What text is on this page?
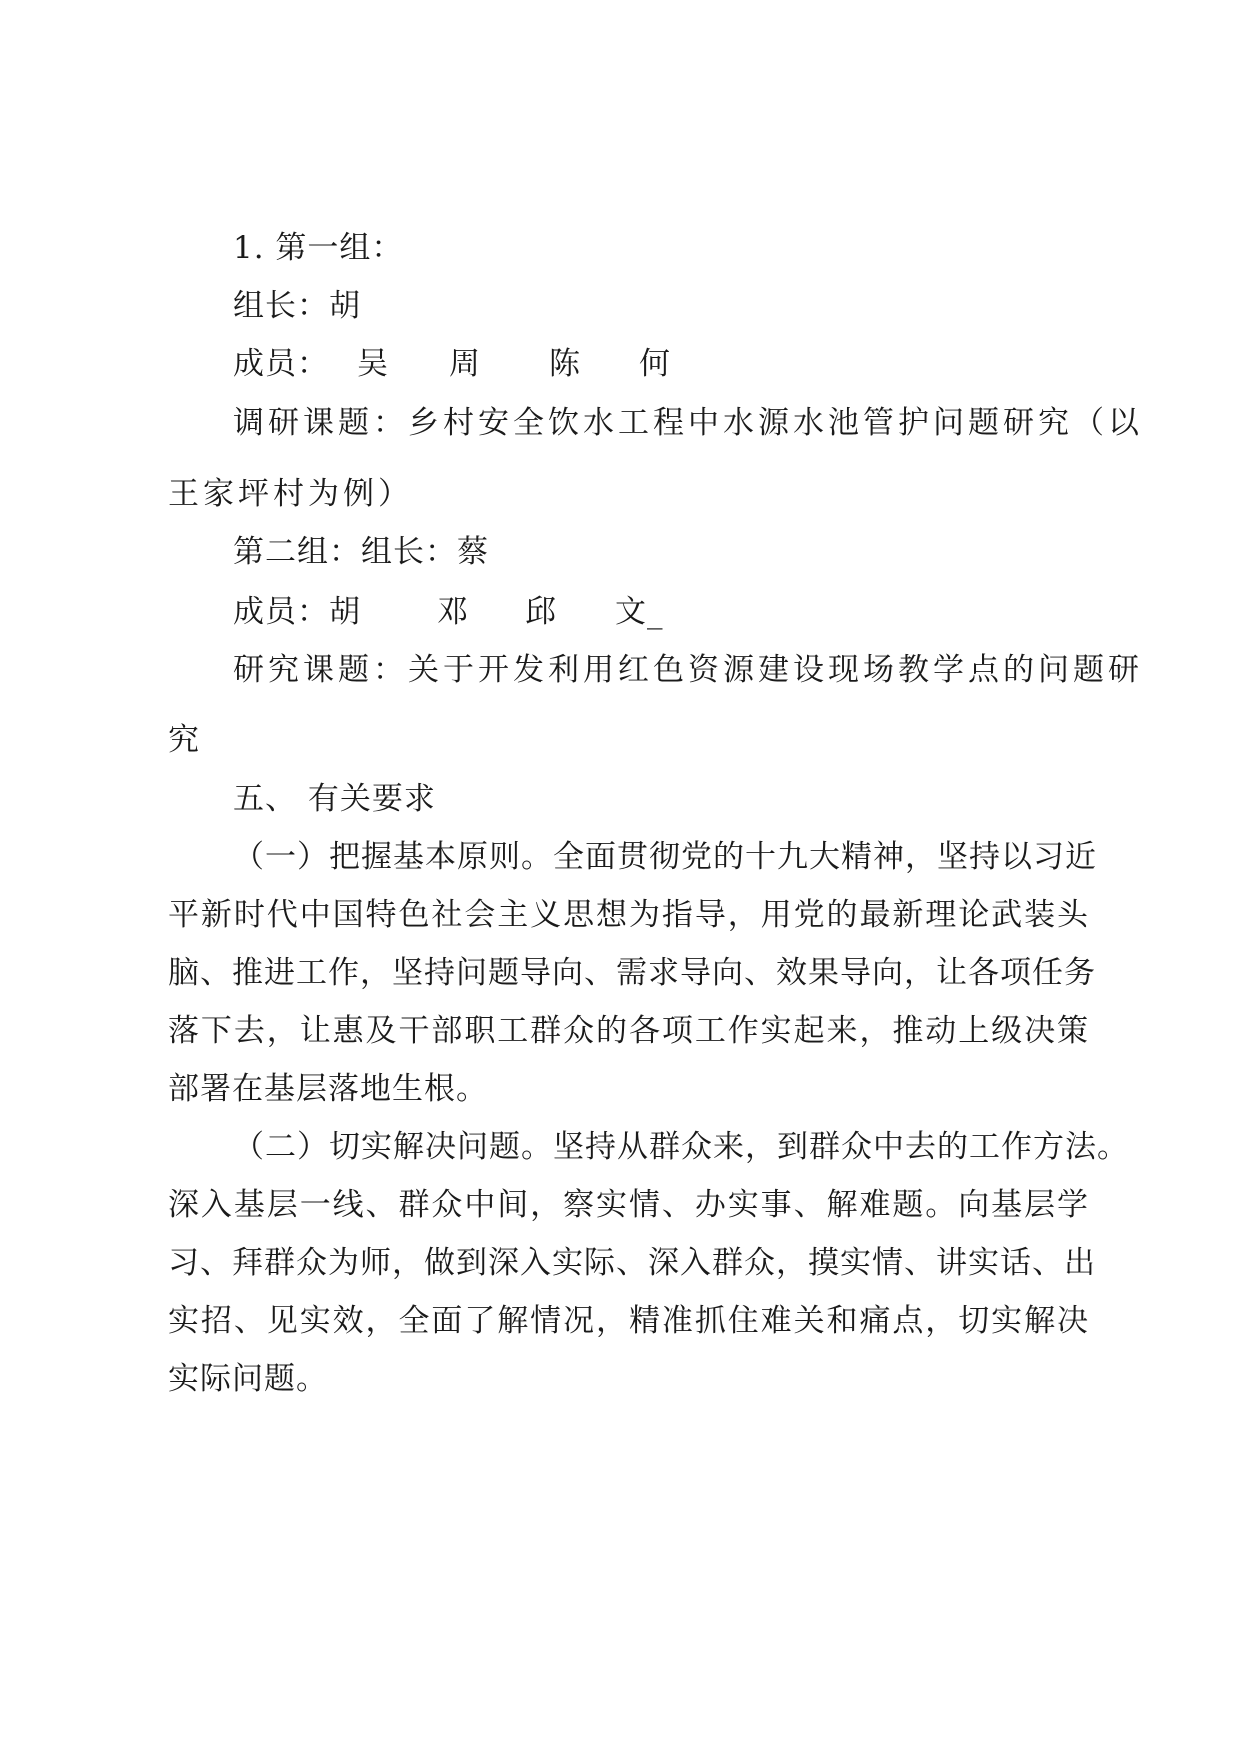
1. 第一组：
组长：胡
成员： 吴 周 陈 何
调研课题：乡村安全饮水工程中水源水池管护问题研究（以
王家坪村为例）
第二组：组长：蔡
成员：胡 邓 邱 文_
研究课题：关于开发利用红色资源建设现场教学点的问题研
究
五、 有关要求
（一）把握基本原则。全面贯彻党的十九大精神，坚持以习近
平新时代中国特色社会主义思想为指导，用党的最新理论武装头
脑、推进工作，坚持问题导向、需求导向、效果导向，让各项任务
落下去，让惠及干部职工群众的各项工作实起来，推动上级决策
部署在基层落地生根。
（二）切实解决问题。坚持从群众来，到群众中去的工作方法。
深入基层一线、群众中间，察实情、办实事、解难题。向基层学
习、拜群众为师，做到深入实际、深入群众，摸实情、讲实话、出
实招、见实效，全面了解情况，精准抓住难关和痛点，切实解决
实际问题。
